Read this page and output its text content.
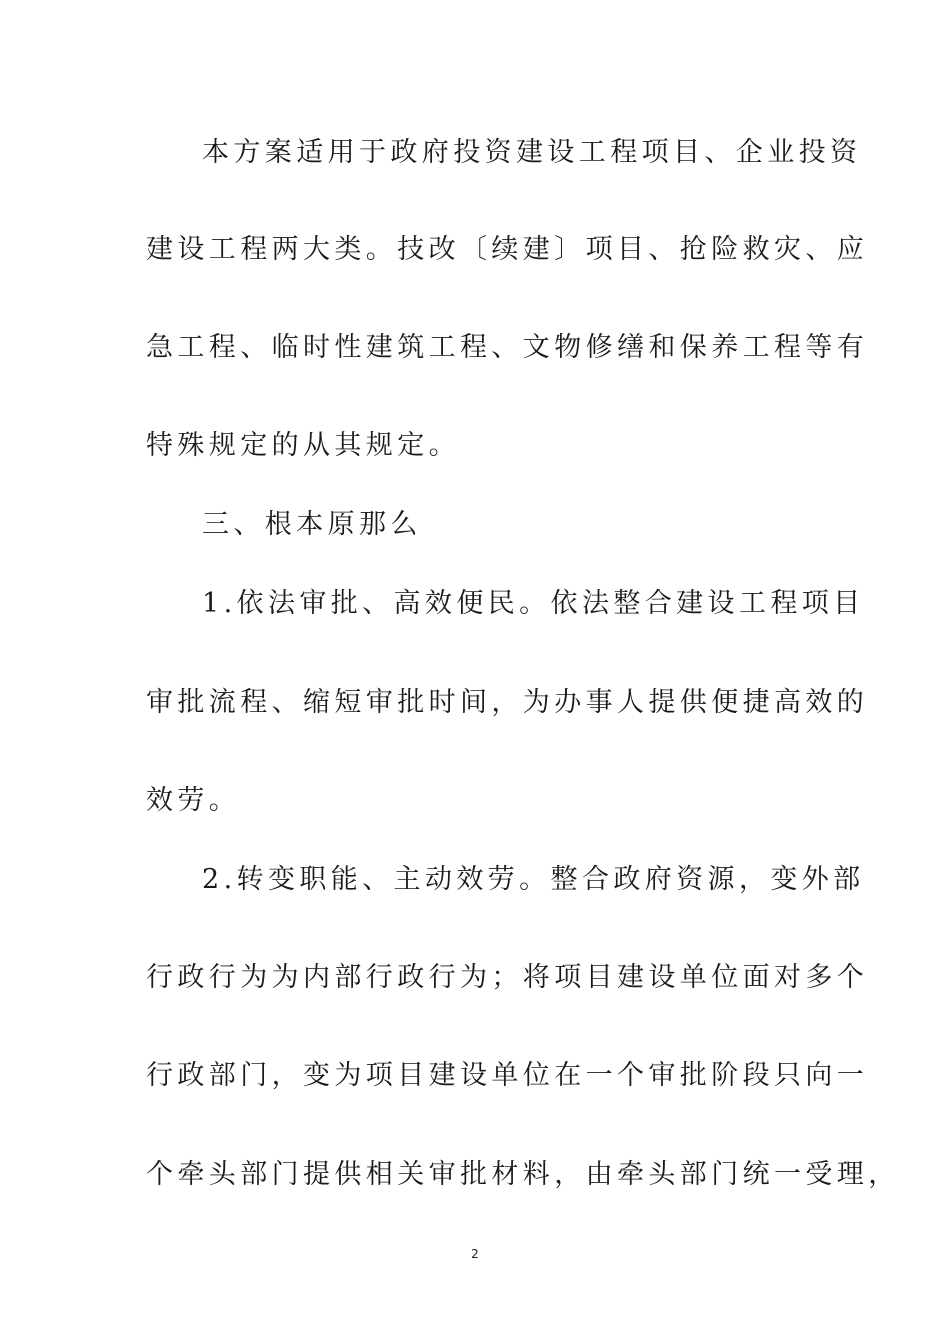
本方案适用于政府投资建设工程项目、企业投资
建设工程两大类。技改〔续建〕项目、抢险救灾、应
急工程、临时性建筑工程、文物修缮和保养工程等有
特殊规定的从其规定。
三、根本原那么
1.依法审批、高效便民。依法整合建设工程项目
审批流程、缩短审批时间，为办事人提供便捷高效的
效劳。
2.转变职能、主动效劳。整合政府资源，变外部
行政行为为内部行政行为；将项目建设单位面对多个
行政部门，变为项目建设单位在一个审批阶段只向一
个牵头部门提供相关审批材料，由牵头部门统一受理，
2
